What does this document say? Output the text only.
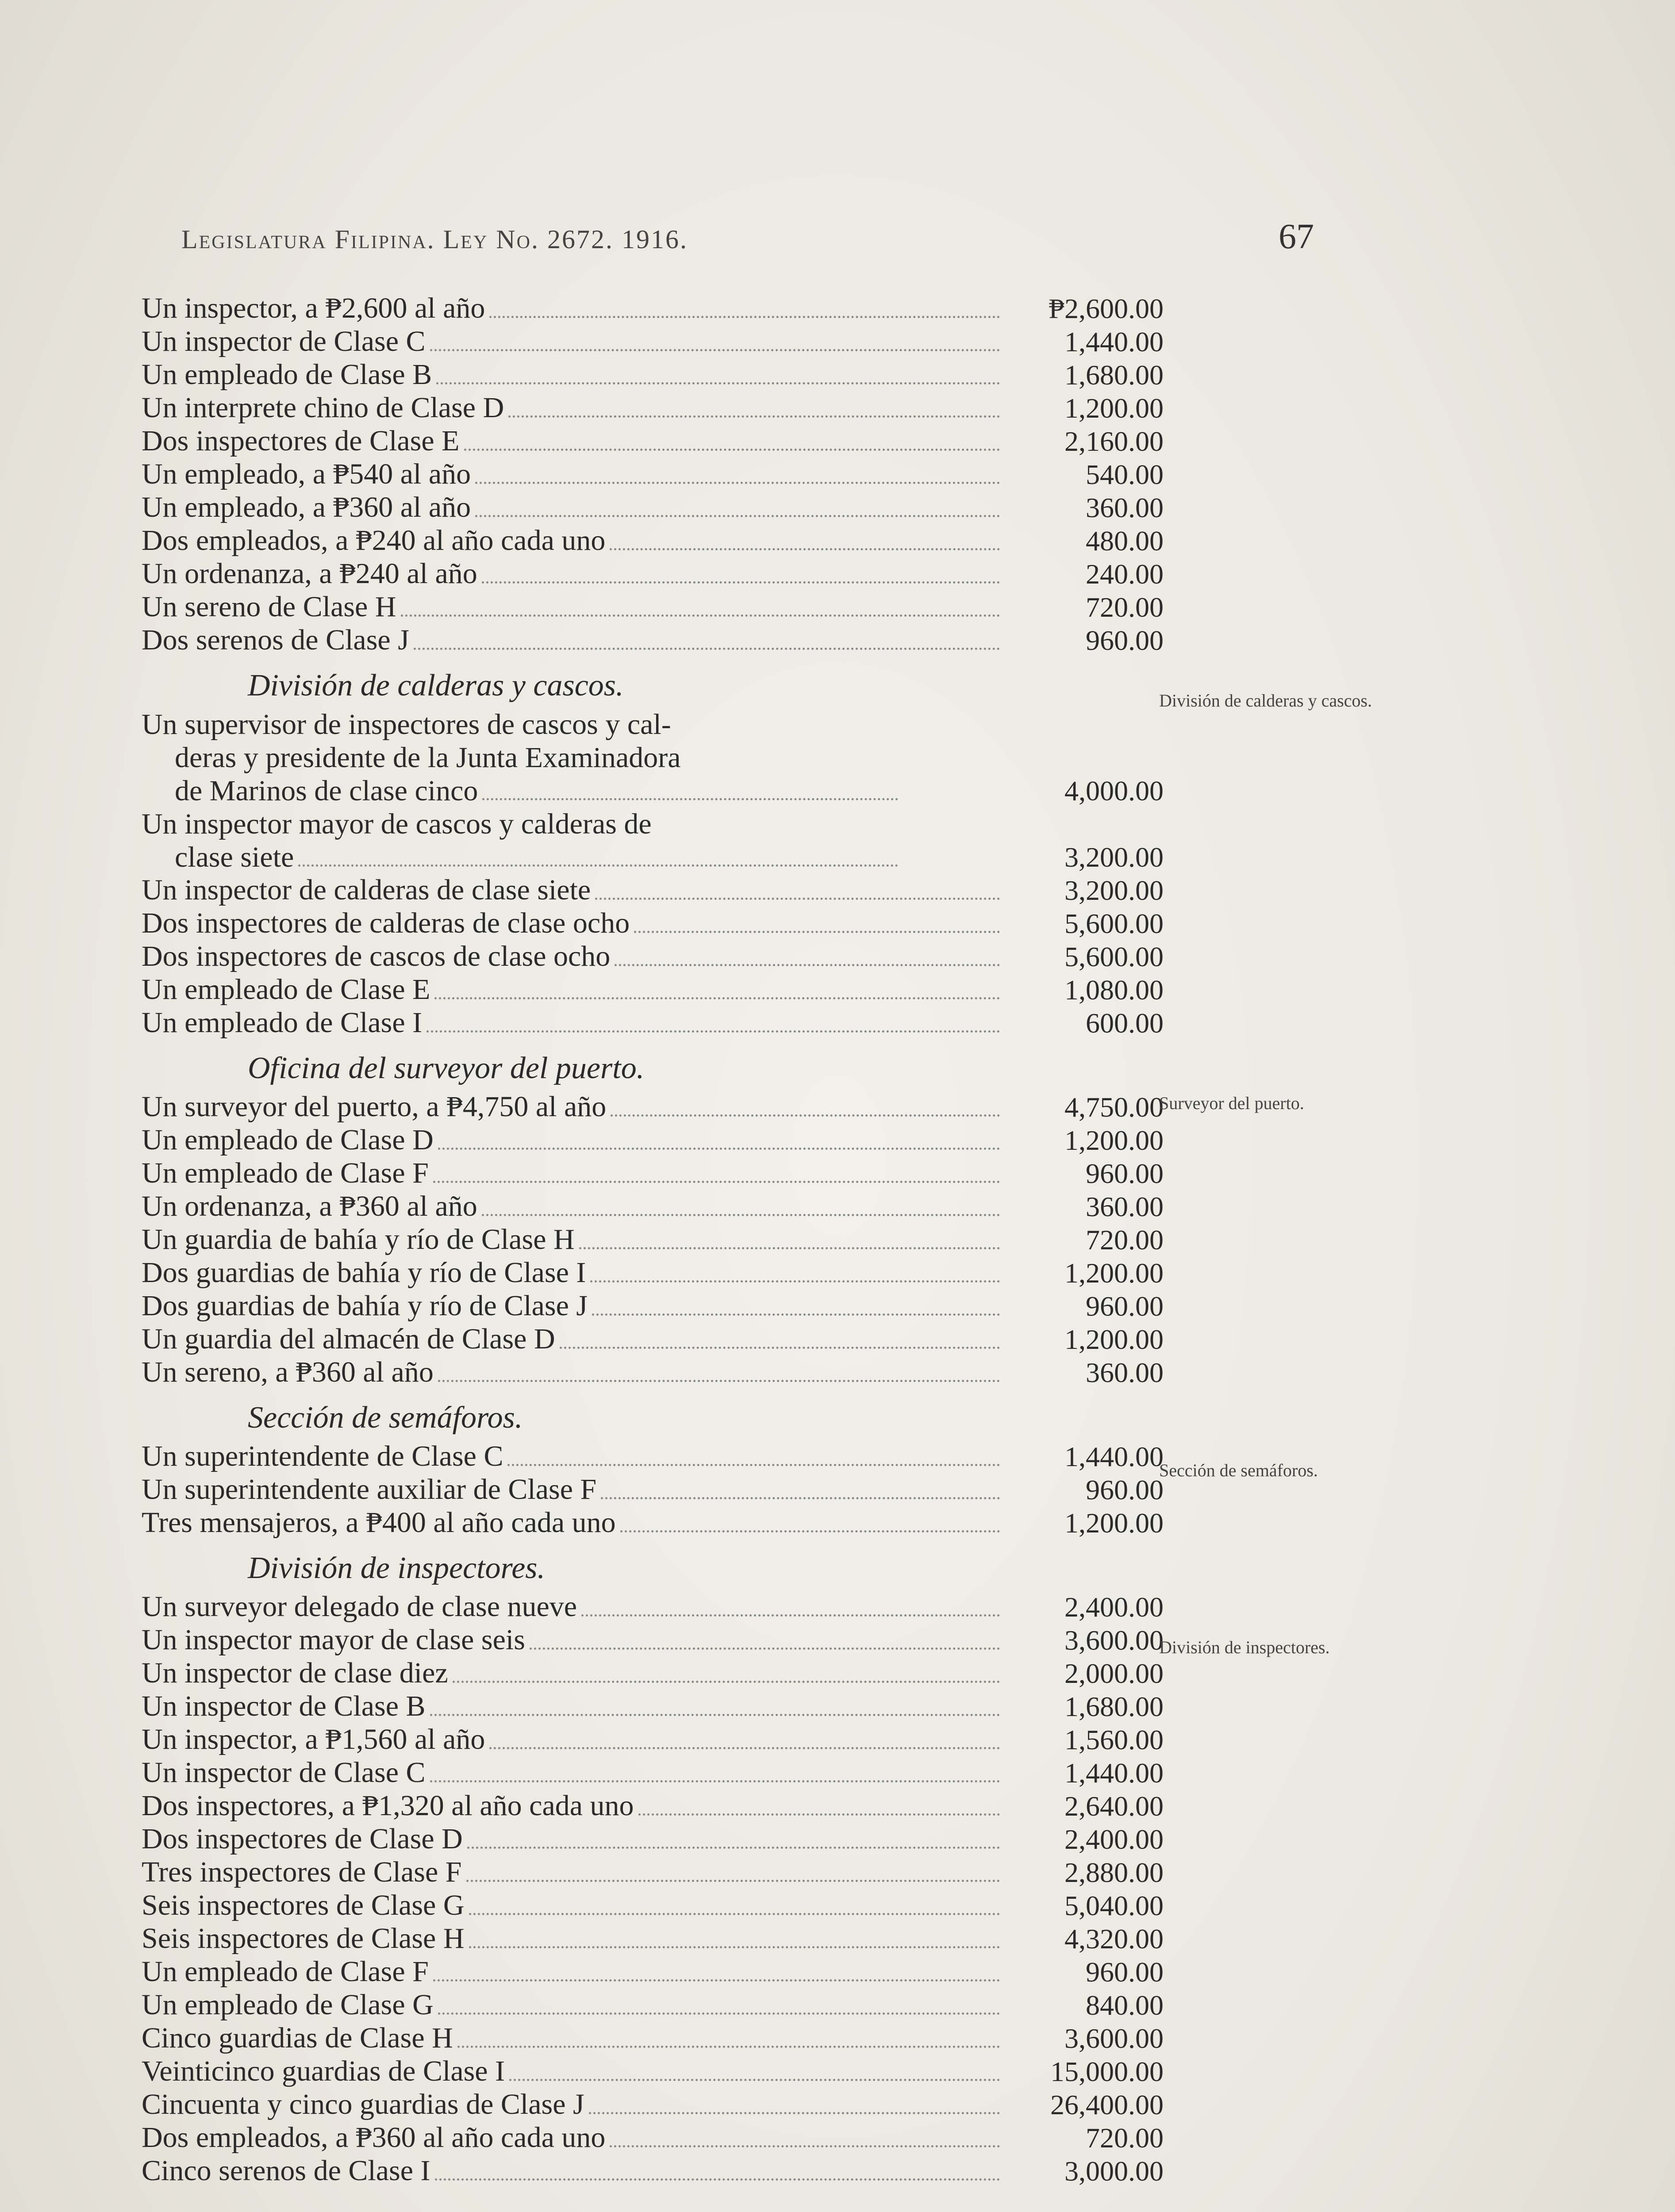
Legislatura Filipina. Ley No. 2672. 1916.	67
Un inspector, a ₱2,600 al año	₱2,600.00
Un inspector de Clase C	1,440.00
Un empleado de Clase B	1,680.00
Un interprete chino de Clase D	1,200.00
Dos inspectores de Clase E	2,160.00
Un empleado, a ₱540 al año	540.00
Un empleado, a ₱360 al año	360.00
Dos empleados, a ₱240 al año cada uno	480.00
Un ordenanza, a ₱240 al año	240.00
Un sereno de Clase H	720.00
Dos serenos de Clase J	960.00
División de calderas y cascos.
Un supervisor de inspectores de cascos y cal-
deras y presidente de la Junta Examinadora
de Marinos de clase cinco	4,000.00
Un inspector mayor de cascos y calderas de
clase siete	3,200.00
Un inspector de calderas de clase siete	3,200.00
Dos inspectores de calderas de clase ocho	5,600.00
Dos inspectores de cascos de clase ocho	5,600.00
Un empleado de Clase E	1,080.00
Un empleado de Clase I	600.00
Oficina del surveyor del puerto.
Un surveyor del puerto, a ₱4,750 al año	4,750.00
Un empleado de Clase D	1,200.00
Un empleado de Clase F	960.00
Un ordenanza, a ₱360 al año	360.00
Un guardia de bahía y río de Clase H	720.00
Dos guardias de bahía y río de Clase I	1,200.00
Dos guardias de bahía y río de Clase J	960.00
Un guardia del almacén de Clase D	1,200.00
Un sereno, a ₱360 al año	360.00
Sección de semáforos.
Un superintendente de Clase C	1,440.00
Un superintendente auxiliar de Clase F	960.00
Tres mensajeros, a ₱400 al año cada uno	1,200.00
División de inspectores.
Un surveyor delegado de clase nueve	2,400.00
Un inspector mayor de clase seis	3,600.00
Un inspector de clase diez	2,000.00
Un inspector de Clase B	1,680.00
Un inspector, a ₱1,560 al año	1,560.00
Un inspector de Clase C	1,440.00
Dos inspectores, a ₱1,320 al año cada uno	2,640.00
Dos inspectores de Clase D	2,400.00
Tres inspectores de Clase F	2,880.00
Seis inspectores de Clase G	5,040.00
Seis inspectores de Clase H	4,320.00
Un empleado de Clase F	960.00
Un empleado de Clase G	840.00
Cinco guardias de Clase H	3,600.00
Veinticinco guardias de Clase I	15,000.00
Cincuenta y cinco guardias de Clase J	26,400.00
Dos empleados, a ₱360 al año cada uno	720.00
Cinco serenos de Clase I	3,000.00
División de calderas y cascos.
Surveyor del puerto.
Sección de semáforos.
División de inspectores.
